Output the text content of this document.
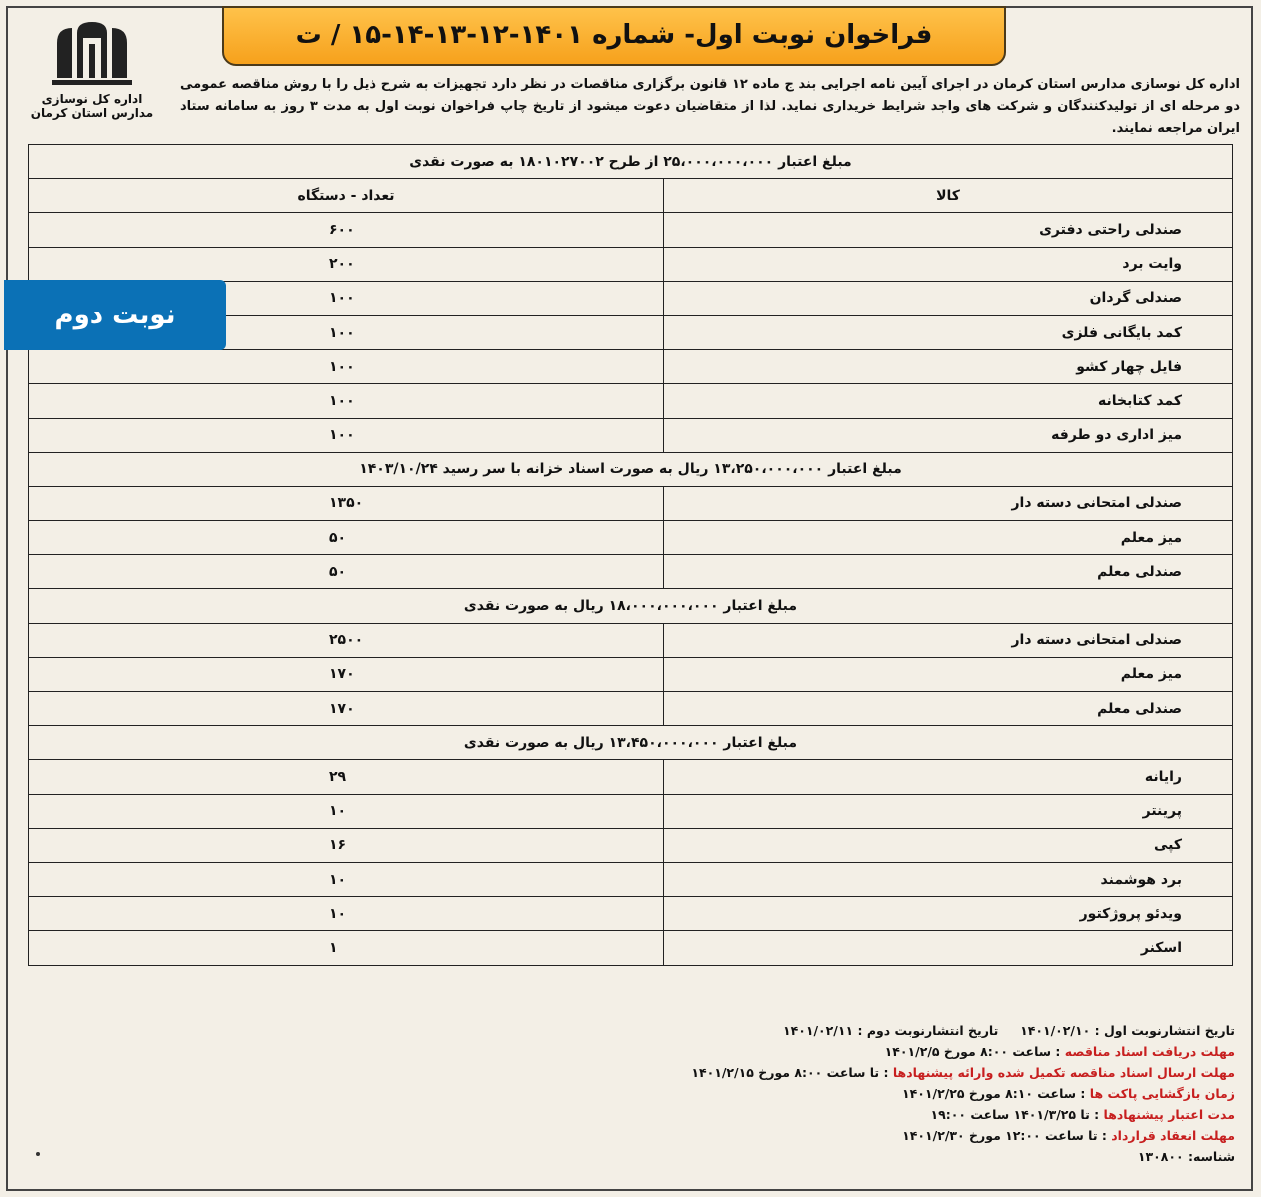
فراخوان نوبت اول- شماره ۱۴۰۱-۱۲-۱۳-۱۴-۱۵ / ت
اداره کل نوسازی مدارس استان کرمان
اداره کل نوسازی مدارس استان کرمان در اجرای آیین نامه اجرایی بند ج ماده ۱۲ قانون برگزاری مناقصات در نظر دارد تجهیزات به شرح ذیل را با روش مناقصه عمومی دو مرحله ای از تولیدکنندگان و شرکت های واجد شرایط خریداری نماید. لذا از متقاضیان دعوت میشود از تاریخ چاپ فراخوان نوبت اول به مدت ۳ روز به سامانه ستاد ایران مراجعه نمایند.
مبلغ اعتبار ۲۵،۰۰۰،۰۰۰،۰۰۰ از طرح ۱۸۰۱۰۲۷۰۰۲ به صورت نقدی	
کالا	تعداد - دستگاه
صندلی راحتی دفتری	۶۰۰
وایت برد	۲۰۰
صندلی گردان	۱۰۰
کمد بایگانی فلزی	۱۰۰
فایل چهار کشو	۱۰۰
کمد کتابخانه	۱۰۰
میز اداری دو طرفه	۱۰۰
مبلغ اعتبار ۱۳،۲۵۰،۰۰۰،۰۰۰ ریال به صورت اسناد خزانه با سر رسید ۱۴۰۳/۱۰/۲۴	
صندلی امتحانی دسته دار	۱۳۵۰
میز معلم	۵۰
صندلی معلم	۵۰
مبلغ اعتبار ۱۸،۰۰۰،۰۰۰،۰۰۰ ریال به صورت نقدی	
صندلی امتحانی دسته دار	۲۵۰۰
میز معلم	۱۷۰
صندلی معلم	۱۷۰
مبلغ اعتبار ۱۳،۴۵۰،۰۰۰،۰۰۰ ریال به صورت نقدی	
رایانه	۲۹
پرینتر	۱۰
کپی	۱۶
برد هوشمند	۱۰
ویدئو پروژکتور	۱۰
اسکنر	۱
نوبت دوم
تاریخ انتشارنوبت اول : ۱۴۰۱/۰۲/۱۰     تاریخ انتشارنوبت دوم : ۱۴۰۱/۰۲/۱۱
مهلت دریافت اسناد مناقصه : ساعت ۸:۰۰ مورخ ۱۴۰۱/۲/۵
مهلت ارسال اسناد مناقصه تکمیل شده وارائه پیشنهادها : تا ساعت ۸:۰۰ مورخ ۱۴۰۱/۲/۱۵
زمان بازگشایی پاکت ها : ساعت ۸:۱۰ مورخ ۱۴۰۱/۲/۲۵
مدت اعتبار پیشنهادها : تا ۱۴۰۱/۳/۲۵ ساعت ۱۹:۰۰
مهلت انعقاد قرارداد : تا ساعت ۱۲:۰۰ مورخ ۱۴۰۱/۲/۳۰
شناسه: ۱۳۰۸۰۰
